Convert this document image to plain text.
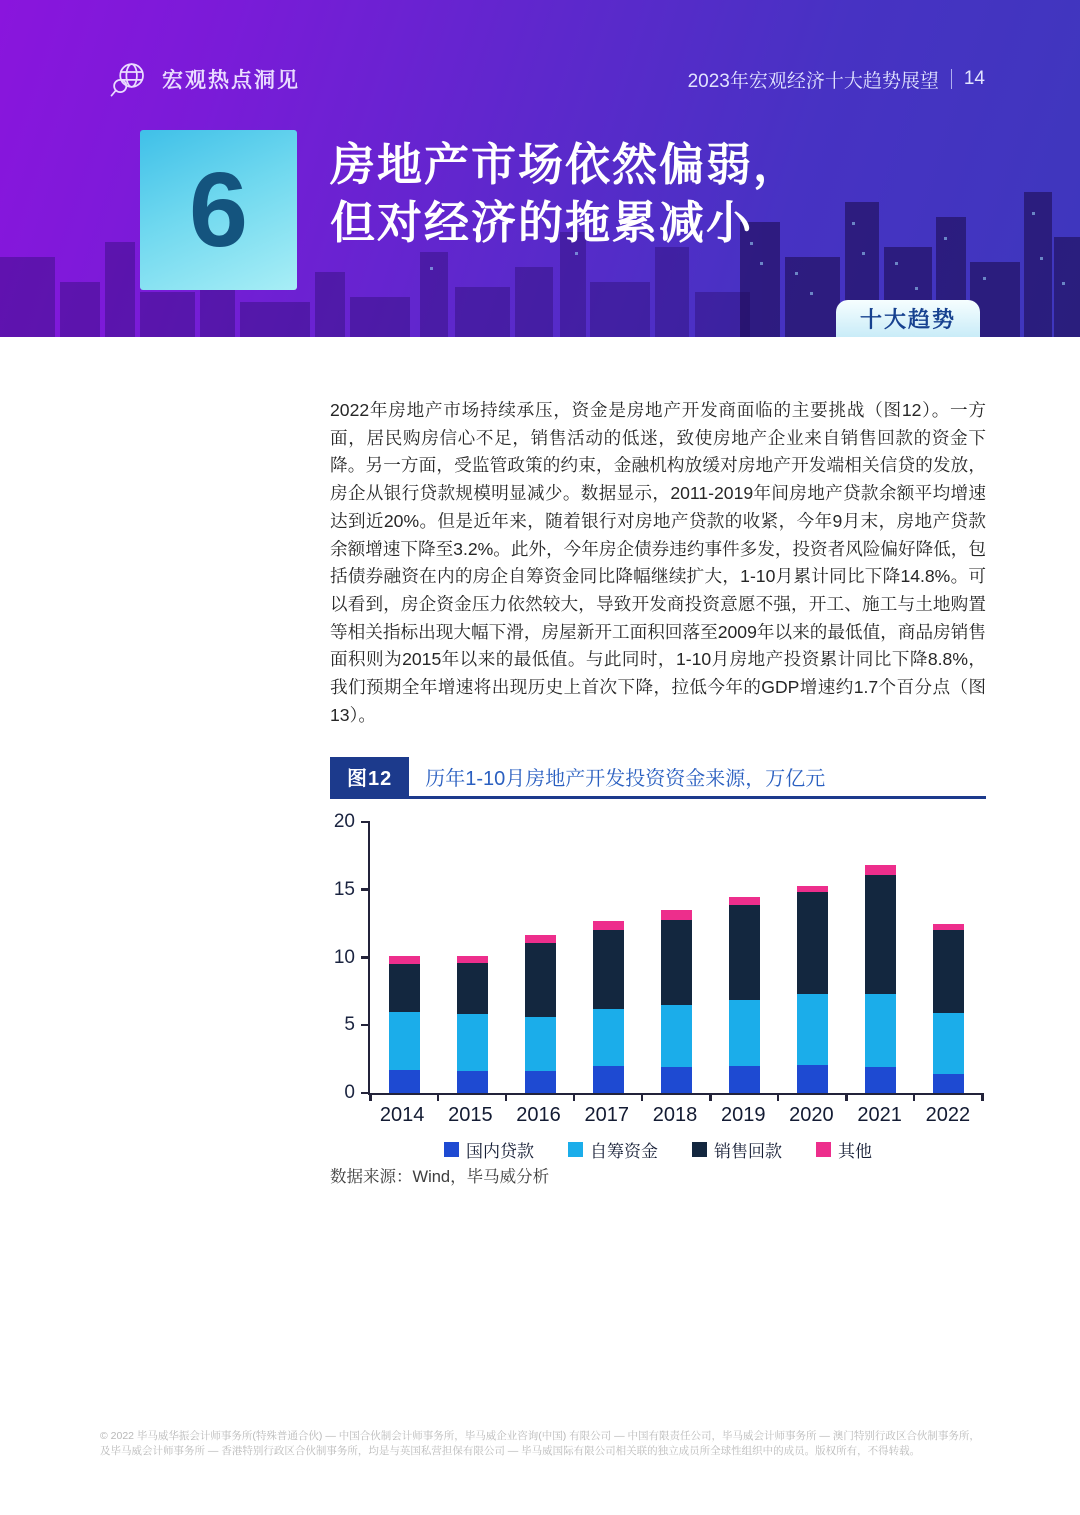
宏观热点洞见	2023年宏观经济十大趋势展望 14
6 房地产市场依然偏弱，
但对经济的拖累减小
十大趋势
2022年房地产市场持续承压，资金是房地产开发商面临的主要挑战（图12）。一方面，居民购房信心不足，销售活动的低迷，致使房地产企业来自销售回款的资金下降。另一方面，受监管政策的约束，金融机构放缓对房地产开发端相关信贷的发放，房企从银行贷款规模明显减少。数据显示，2011-2019年间房地产贷款余额平均增速达到近20%。但是近年来，随着银行对房地产贷款的收紧，今年9月末，房地产贷款余额增速下降至3.2%。此外，今年房企债券违约事件多发，投资者风险偏好降低，包括债券融资在内的房企自筹资金同比降幅继续扩大，1-10月累计同比下降14.8%。可以看到，房企资金压力依然较大，导致开发商投资意愿不强，开工、施工与土地购置等相关指标出现大幅下滑，房屋新开工面积回落至2009年以来的最低值，商品房销售面积则为2015年以来的最低值。与此同时，1-10月房地产投资累计同比下降8.8%，我们预期全年增速将出现历史上首次下降，拉低今年的GDP增速约1.7个百分点（图13）。
图12	历年1-10月房地产开发投资资金来源，万亿元
0
5
10
15
20
2014	2015	2016	2017	2018	2019	2020	2021	2022
国内贷款	自筹资金	销售回款	其他
数据来源：Wind，毕马威分析
© 2022 毕马威华振会计师事务所(特殊普通合伙) — 中国合伙制会计师事务所，毕马威企业咨询(中国) 有限公司 — 中国有限责任公司，毕马威会计师事务所 — 澳门特别行政区合伙制事务所，
及毕马威会计师事务所 — 香港特别行政区合伙制事务所，均是与英国私营担保有限公司 — 毕马威国际有限公司相关联的独立成员所全球性组织中的成员。版权所有，不得转载。
